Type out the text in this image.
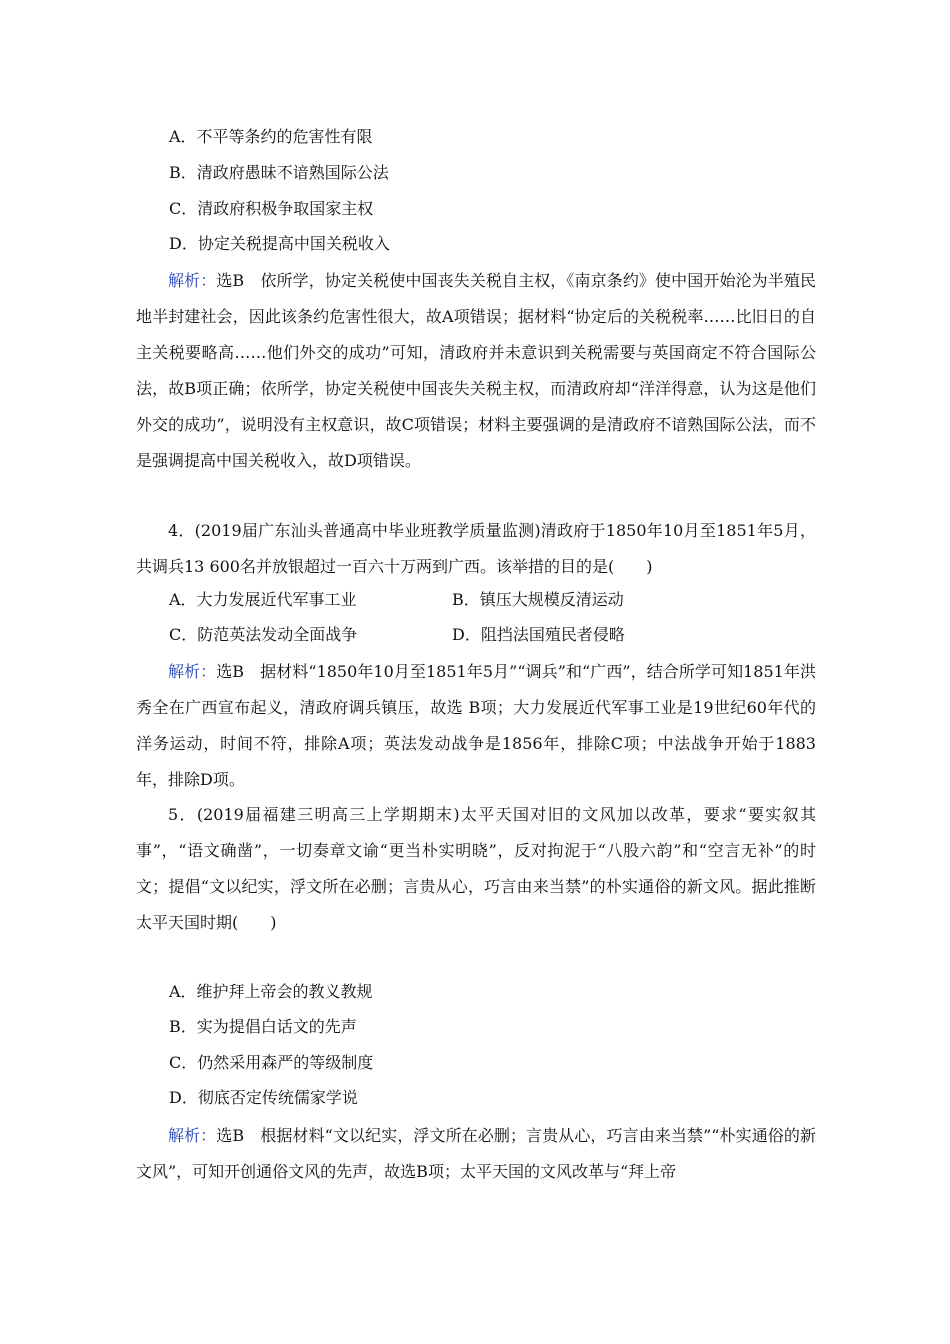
A．不平等条约的危害性有限
B．清政府愚昧不谙熟国际公法
C．清政府积极争取国家主权
D．协定关税提高中国关税收入

解析：选B　依所学，协定关税使中国丧失关税自主权，《南京条约》使中国开始沦为半殖民地半封建社会，因此该条约危害性很大，故A项错误；据材料“协定后的关税税率……比旧日的自主关税要略高……他们外交的成功”可知，清政府并未意识到关税需要与英国商定不符合国际公法，故B项正确；依所学，协定关税使中国丧失关税主权，而清政府却“洋洋得意，认为这是他们外交的成功”，说明没有主权意识，故C项错误；材料主要强调的是清政府不谙熟国际公法，而不是强调提高中国关税收入，故D项错误。

4．(2019届广东汕头普通高中毕业班教学质量监测)清政府于1850年10月至1851年5月，共调兵13 600名并放银超过一百六十万两到广西。该举措的目的是(　　)

A．大力发展近代军事工业	B．镇压大规模反清运动
C．防范英法发动全面战争	D．阻挡法国殖民者侵略

解析：选B　据材料“1850年10月至1851年5月”“调兵”和“广西”，结合所学可知1851年洪秀全在广西宣布起义，清政府调兵镇压，故选 B项；大力发展近代军事工业是19世纪60年代的洋务运动，时间不符，排除A项；英法发动战争是1856年，排除C项；中法战争开始于1883年，排除D项。

5．(2019届福建三明高三上学期期末)太平天国对旧的文风加以改革，要求“要实叙其事”，“语文确凿”，一切奏章文谕“更当朴实明晓”，反对拘泥于“八股六韵”和“空言无补”的时文；提倡“文以纪实，浮文所在必删；言贵从心，巧言由来当禁”的朴实通俗的新文风。据此推断太平天国时期(　　)

A．维护拜上帝会的教义教规
B．实为提倡白话文的先声
C．仍然采用森严的等级制度
D．彻底否定传统儒家学说

解析：选B　根据材料“文以纪实，浮文所在必删；言贵从心，巧言由来当禁”“朴实通俗的新文风”，可知开创通俗文风的先声，故选B项；太平天国的文风改革与“拜上帝
